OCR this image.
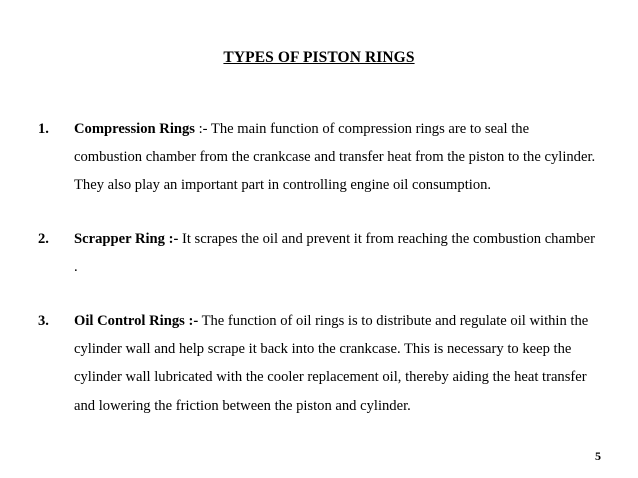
TYPES OF PISTON RINGS
1. Compression Rings :- The main function of compression rings are to seal the combustion chamber from the crankcase and transfer heat from the piston to the cylinder. They also play an important part in controlling engine oil consumption.
2. Scrapper Ring :- It scrapes the oil and prevent it from reaching the combustion chamber .
3. Oil Control Rings :- The function of oil rings is to distribute and regulate oil within the cylinder wall and help scrape it back into the crankcase. This is necessary to keep the cylinder wall lubricated with the cooler replacement oil, thereby aiding the heat transfer and lowering the friction between the piston and cylinder.
5
